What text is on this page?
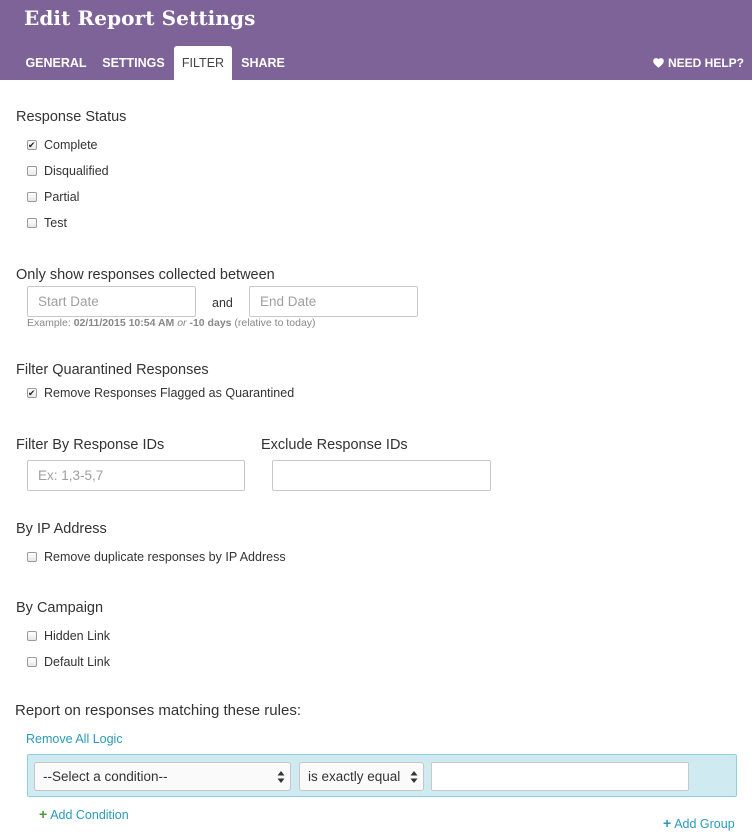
Edit Report Settings
GENERAL	SETTINGS	FILTER	SHARE	NEED HELP?
Response Status
✔
Complete
Disqualified
Partial
Test
Only show responses collected between
Start Date
and
End Date
Example: 02/11/2015 10:54 AM or -10 days (relative to today)
Filter Quarantined Responses
✔
Remove Responses Flagged as Quarantined
Filter By Response IDs
Ex: 1,3-5,7	Exclude Response IDs
By IP Address
Remove duplicate responses by IP Address
By Campaign
Hidden Link
Default Link
Report on responses matching these rules:
Remove All Logic
--Select a condition--	is exactly equal
+ Add Condition	+ Add Group
